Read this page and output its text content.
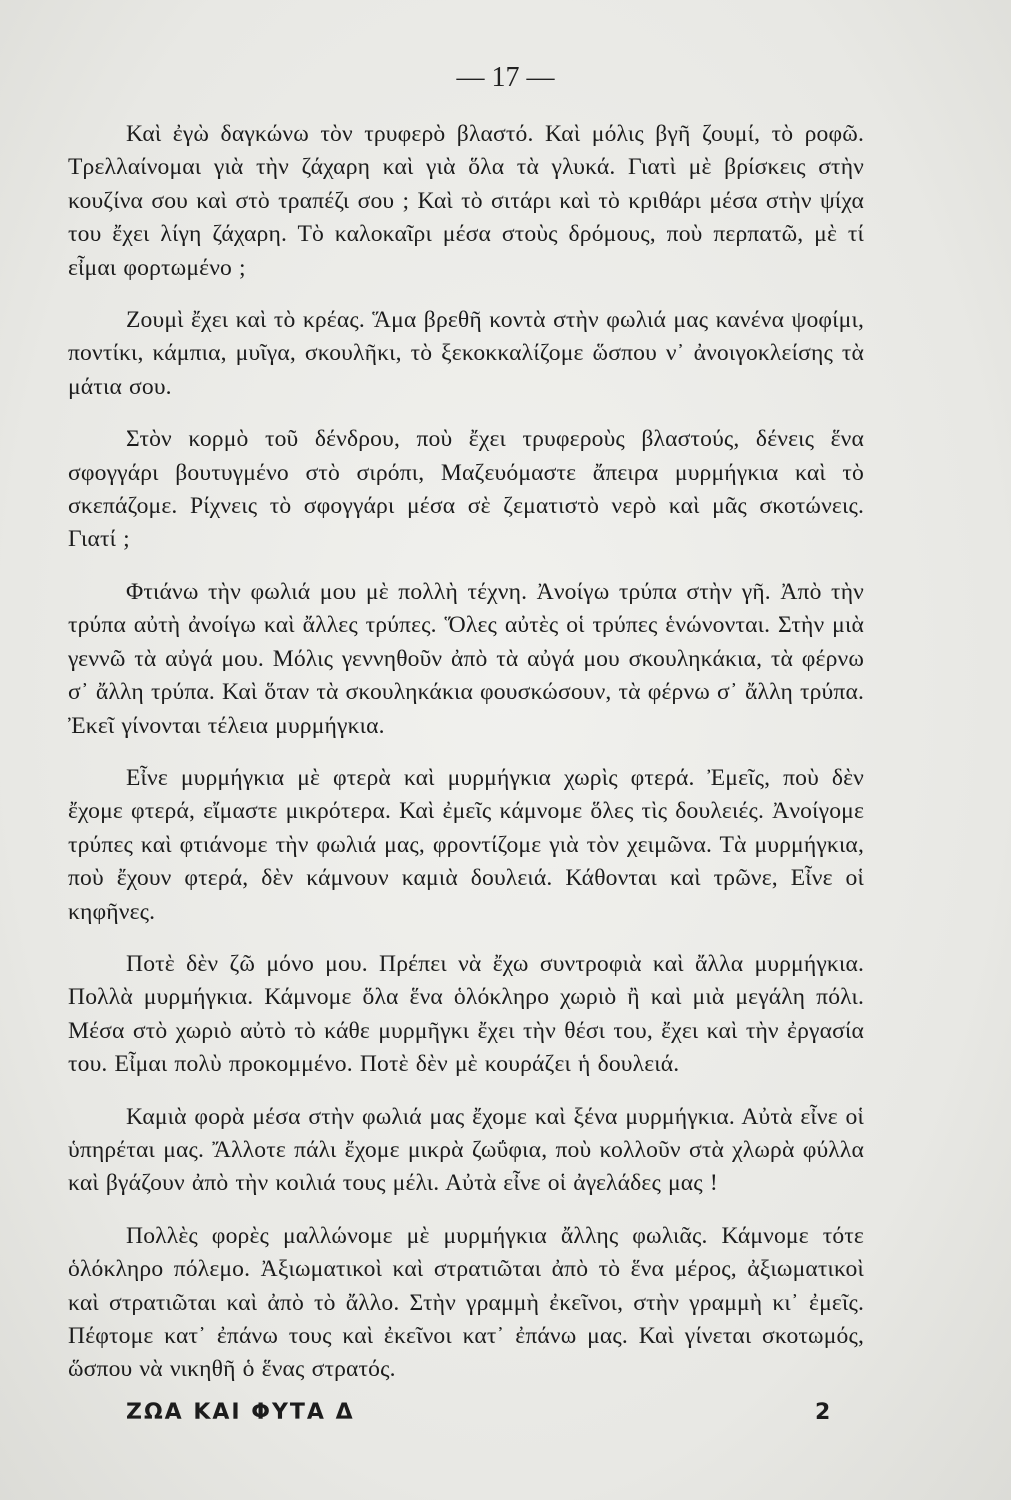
— 17 —

Καὶ ἐγὼ δαγκώνω τὸν τρυφερὸ βλαστό. Καὶ μόλις βγῆ ζουμί, τὸ ροφῶ. Τρελλαίνομαι γιὰ τὴν ζάχαρη καὶ γιὰ ὅλα τὰ γλυκά. Γιατὶ μὲ βρίσκεις στὴν κουζίνα σου καὶ στὸ τραπέζι σου ; Καὶ τὸ σιτάρι καὶ τὸ κριθάρι μέσα στὴν ψίχα του ἔχει λίγη ζάχαρη. Τὸ καλοκαῖρι μέσα στοὺς δρόμους, ποὺ περπατῶ, μὲ τί εἶμαι φορτωμένο ;

Ζουμὶ ἔχει καὶ τὸ κρέας. Ἅμα βρεθῆ κοντὰ στὴν φωλιά μας κανένα ψοφίμι, ποντίκι, κάμπια, μυῖγα, σκουλῆκι, τὸ ξεκοκκαλίζομε ὥσπου ν᾽ ἀνοιγοκλείσης τὰ μάτια σου.

Στὸν κορμὸ τοῦ δένδρου, ποὺ ἔχει τρυφεροὺς βλαστούς, δένεις ἕνα σφογγάρι βουτυγμένο στὸ σιρόπι, Μαζευόμαστε ἄπειρα μυρμήγκια καὶ τὸ σκεπάζομε. Ρίχνεις τὸ σφογγάρι μέσα σὲ ζεματιστὸ νερὸ καὶ μᾶς σκοτώνεις. Γιατί ;

Φτιάνω τὴν φωλιά μου μὲ πολλὴ τέχνη. Ἀνοίγω τρύπα στὴν γῆ. Ἀπὸ τὴν τρύπα αὐτὴ ἀνοίγω καὶ ἄλλες τρύπες. Ὅλες αὐτὲς οἱ τρύπες ἑνώνονται. Στὴν μιὰ γεννῶ τὰ αὐγά μου. Μόλις γεννηθοῦν ἀπὸ τὰ αὐγά μου σκουληκάκια, τὰ φέρνω σ᾽ ἄλλη τρύπα. Καὶ ὅταν τὰ σκουληκάκια φουσκώσουν, τὰ φέρνω σ᾽ ἄλλη τρύπα. Ἐκεῖ γίνονται τέλεια μυρμήγκια.

Εἶνε μυρμήγκια μὲ φτερὰ καὶ μυρμήγκια χωρὶς φτερά. Ἐμεῖς, ποὺ δὲν ἔχομε φτερά, εἴμαστε μικρότερα. Καὶ ἐμεῖς κάμνομε ὅλες τὶς δουλειές. Ἀνοίγομε τρύπες καὶ φτιάνομε τὴν φωλιά μας, φροντίζομε γιὰ τὸν χειμῶνα. Τὰ μυρμήγκια, ποὺ ἔχουν φτερά, δὲν κάμνουν καμιὰ δουλειά. Κάθονται καὶ τρῶνε, Εἶνε οἱ κηφῆνες.

Ποτὲ δὲν ζῶ μόνο μου. Πρέπει νὰ ἔχω συντροφιὰ καὶ ἄλλα μυρμήγκια. Πολλὰ μυρμήγκια. Κάμνομε ὅλα ἕνα ὁλόκληρο χωριὸ ἢ καὶ μιὰ μεγάλη πόλι. Μέσα στὸ χωριὸ αὐτὸ τὸ κάθε μυρμῆγκι ἔχει τὴν θέσι του, ἔχει καὶ τὴν ἐργασία του. Εἶμαι πολὺ προκομμένο. Ποτὲ δὲν μὲ κουράζει ἡ δουλειά.

Καμιὰ φορὰ μέσα στὴν φωλιά μας ἔχομε καὶ ξένα μυρμήγκια. Αὐτὰ εἶνε οἱ ὑπηρέται μας. Ἄλλοτε πάλι ἔχομε μικρὰ ζωΰφια, ποὺ κολλοῦν στὰ χλωρὰ φύλλα καὶ βγάζουν ἀπὸ τὴν κοιλιά τους μέλι. Αὐτὰ εἶνε οἱ ἀγελάδες μας !

Πολλὲς φορὲς μαλλώνομε μὲ μυρμήγκια ἄλλης φωλιᾶς. Κάμνομε τότε ὁλόκληρο πόλεμο. Ἀξιωματικοὶ καὶ στρατιῶται ἀπὸ τὸ ἕνα μέρος, ἀξιωματικοὶ καὶ στρατιῶται καὶ ἀπὸ τὸ ἄλλο. Στὴν γραμμὴ ἐκεῖνοι, στὴν γραμμὴ κι᾽ ἐμεῖς. Πέφτομε κατ᾽ ἐπάνω τους καὶ ἐκεῖνοι κατ᾽ ἐπάνω μας. Καὶ γίνεται σκοτωμός, ὥσπου νὰ νικηθῆ ὁ ἕνας στρατός.

ΖΩΑ ΚΑΙ ΦΥΤΑ Δ	2
